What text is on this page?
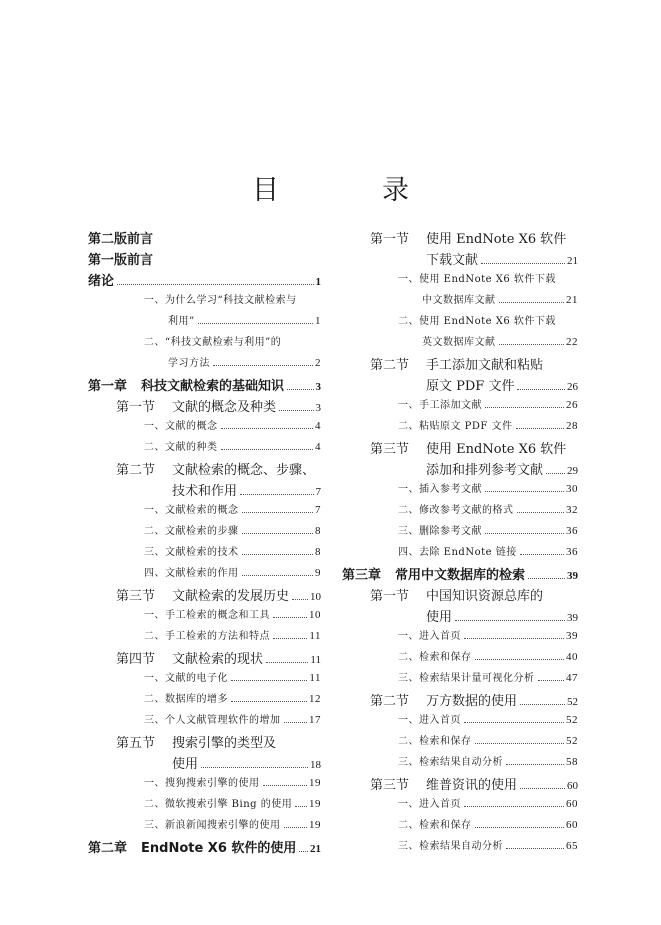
目　录
第二版前言
第一版前言
绪论	1
一、为什么学习“科技文献检索与
利用”	1
二、“科技文献检索与利用”的
学习方法	2
第一章	科技文献检索的基础知识	3
第一节	文献的概念及种类	3
一、文献的概念	4
二、文献的种类	4
第二节	文献检索的概念、步骤、
技术和作用	7
一、文献检索的概念	7
二、文献检索的步骤	8
三、文献检索的技术	8
四、文献检索的作用	9
第三节	文献检索的发展历史 10
一、手工检索的概念和工具	10
二、手工检索的方法和特点	11
第四节	文献检索的现状	11
一、文献的电子化	11
二、数据库的增多	12
三、个人文献管理软件的增加	17
第五节	搜索引擎的类型及
使用	18
一、搜狗搜索引擎的使用	19
二、微软搜索引擎 Bing 的使用 19
三、新浪新闻搜索引擎的使用	19
第二章	EndNote X6 软件的使用 21
第一节	使用 EndNote X6 软件
下载文献	21
一、使用 EndNote X6 软件下载
中文数据库文献	21
二、使用 EndNote X6 软件下载
英文数据库文献	22
第二节	手工添加文献和粘贴
原文 PDF 文件	26
一、手工添加文献	26
二、粘贴原文 PDF 文件	28
第三节	使用 EndNote X6 软件
添加和排列参考文献 29
一、插入参考文献	30
二、修改参考文献的格式	32
三、删除参考文献	36
四、去除 EndNote 链接	36
第三章	常用中文数据库的检索	39
第一节	中国知识资源总库的
使用	39
一、进入首页	39
二、检索和保存	40
三、检索结果计量可视化分析	47
第二节	万方数据的使用	52
一、进入首页	52
二、检索和保存	52
三、检索结果自动分析	58
第三节	维普资讯的使用	60
一、进入首页	60
二、检索和保存	60
三、检索结果自动分析	65
